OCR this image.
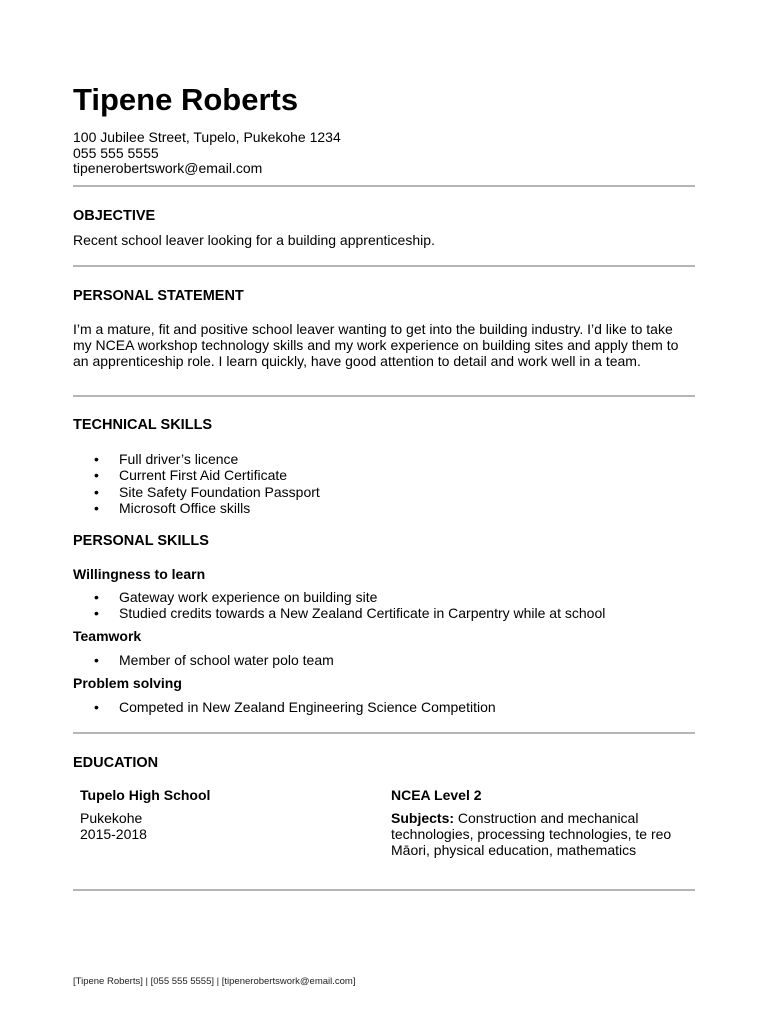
Tipene Roberts
100 Jubilee Street, Tupelo, Pukekohe 1234
055 555 5555
tipenerobertswork@email.com
OBJECTIVE

Recent school leaver looking for a building apprenticeship.

PERSONAL STATEMENT

I’m a mature, fit and positive school leaver wanting to get into the building industry. I’d like to take my NCEA workshop technology skills and my work experience on building sites and apply them to an apprenticeship role. I learn quickly, have good attention to detail and work well in a team.

TECHNICAL SKILLS
• Full driver’s licence
• Current First Aid Certificate
• Site Safety Foundation Passport
• Microsoft Office skills
PERSONAL SKILLS
Willingness to learn
• Gateway work experience on building site
• Studied credits towards a New Zealand Certificate in Carpentry while at school
Teamwork
• Member of school water polo team
Problem solving
• Competed in New Zealand Engineering Science Competition
EDUCATION
Tupelo High School
Pukekohe
2015-2018
NCEA Level 2
Subjects: Construction and mechanical technologies, processing technologies, te reo Māori, physical education, mathematics
[Tipene Roberts] | [055 555 5555] | [tipenerobertswork@email.com]
